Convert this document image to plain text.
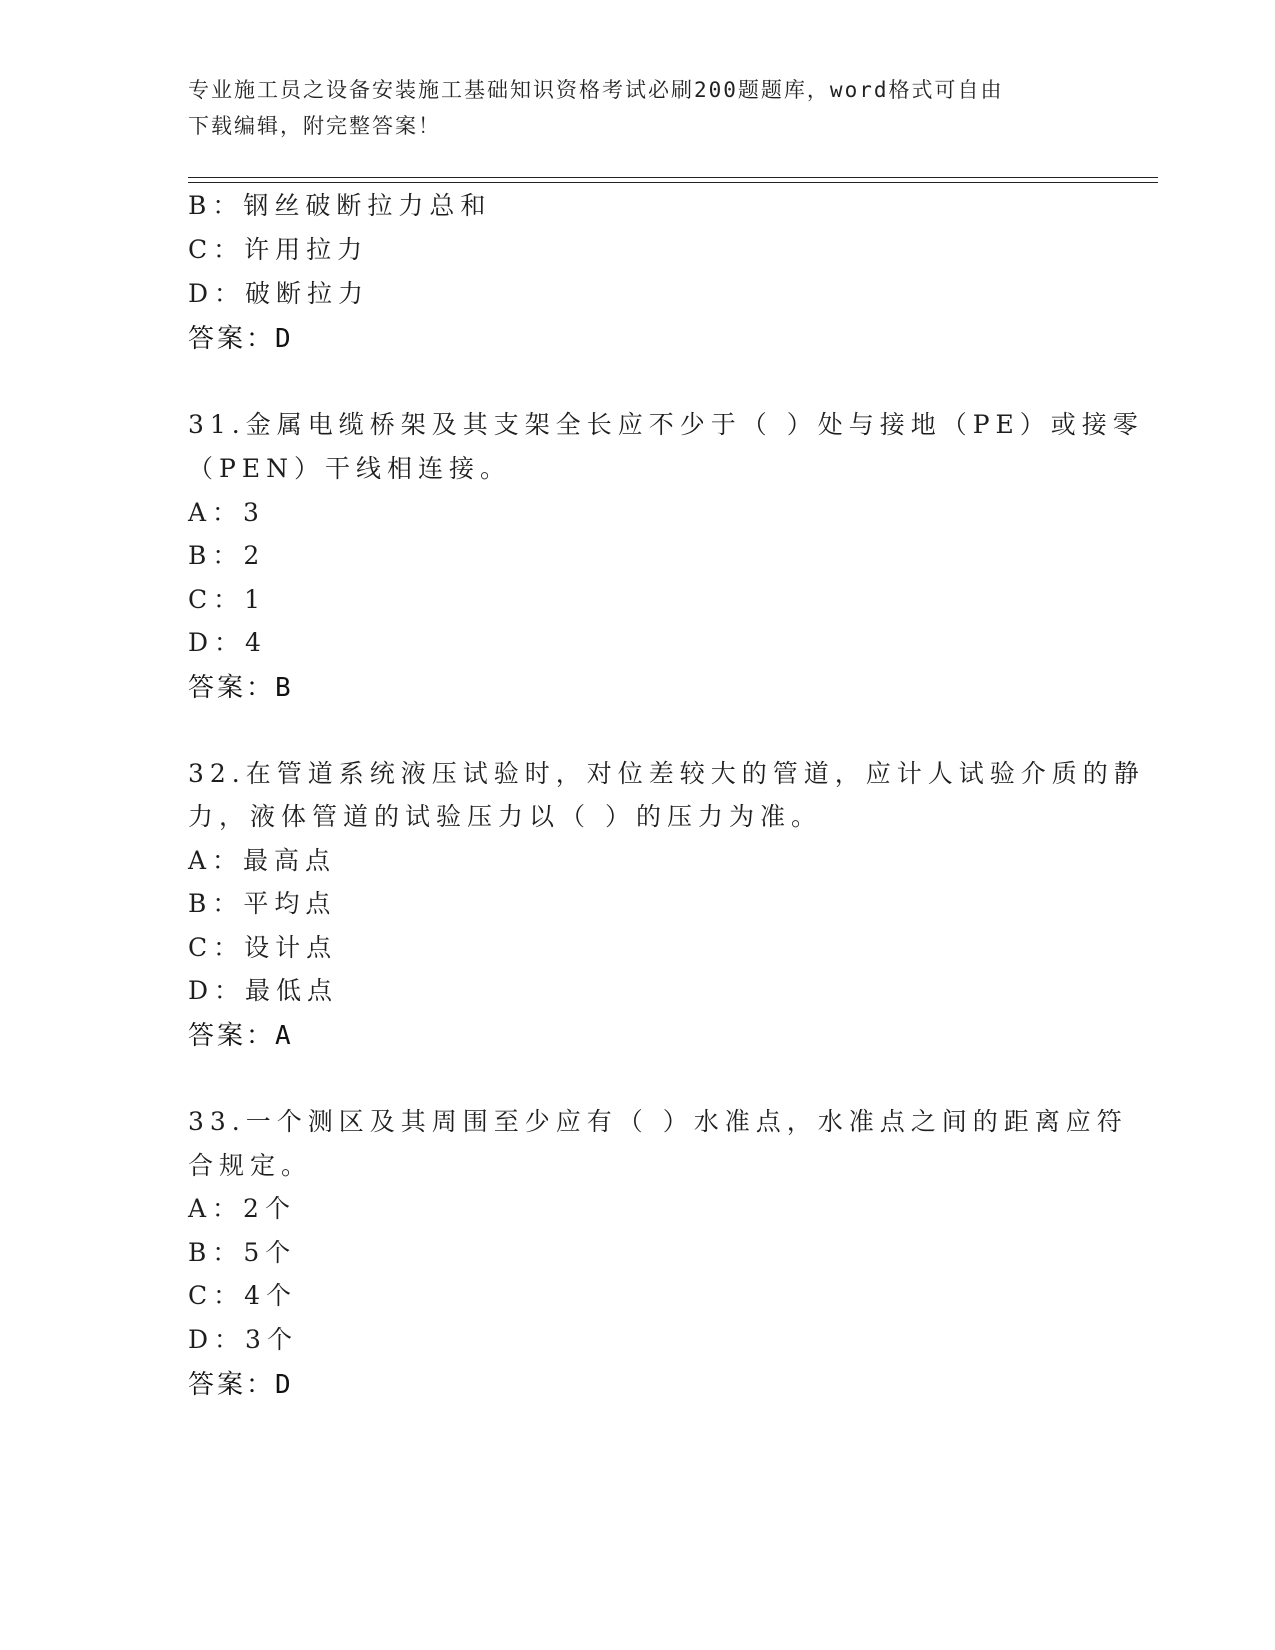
专业施工员之设备安装施工基础知识资格考试必刷200题题库，word格式可自由
下载编辑，附完整答案！
B：钢丝破断拉力总和
C：许用拉力
D：破断拉力
答案：D
31.金属电缆桥架及其支架全长应不少于（ ）处与接地（PE）或接零
（PEN）干线相连接。
A：3
B：2
C：1
D：4
答案：B
32.在管道系统液压试验时，对位差较大的管道，应计人试验介质的静
力，液体管道的试验压力以（ ）的压力为准。
A：最高点
B：平均点
C：设计点
D：最低点
答案：A
33.一个测区及其周围至少应有（ ）水准点，水准点之间的距离应符
合规定。
A：2个
B：5个
C：4个
D：3个
答案：D
